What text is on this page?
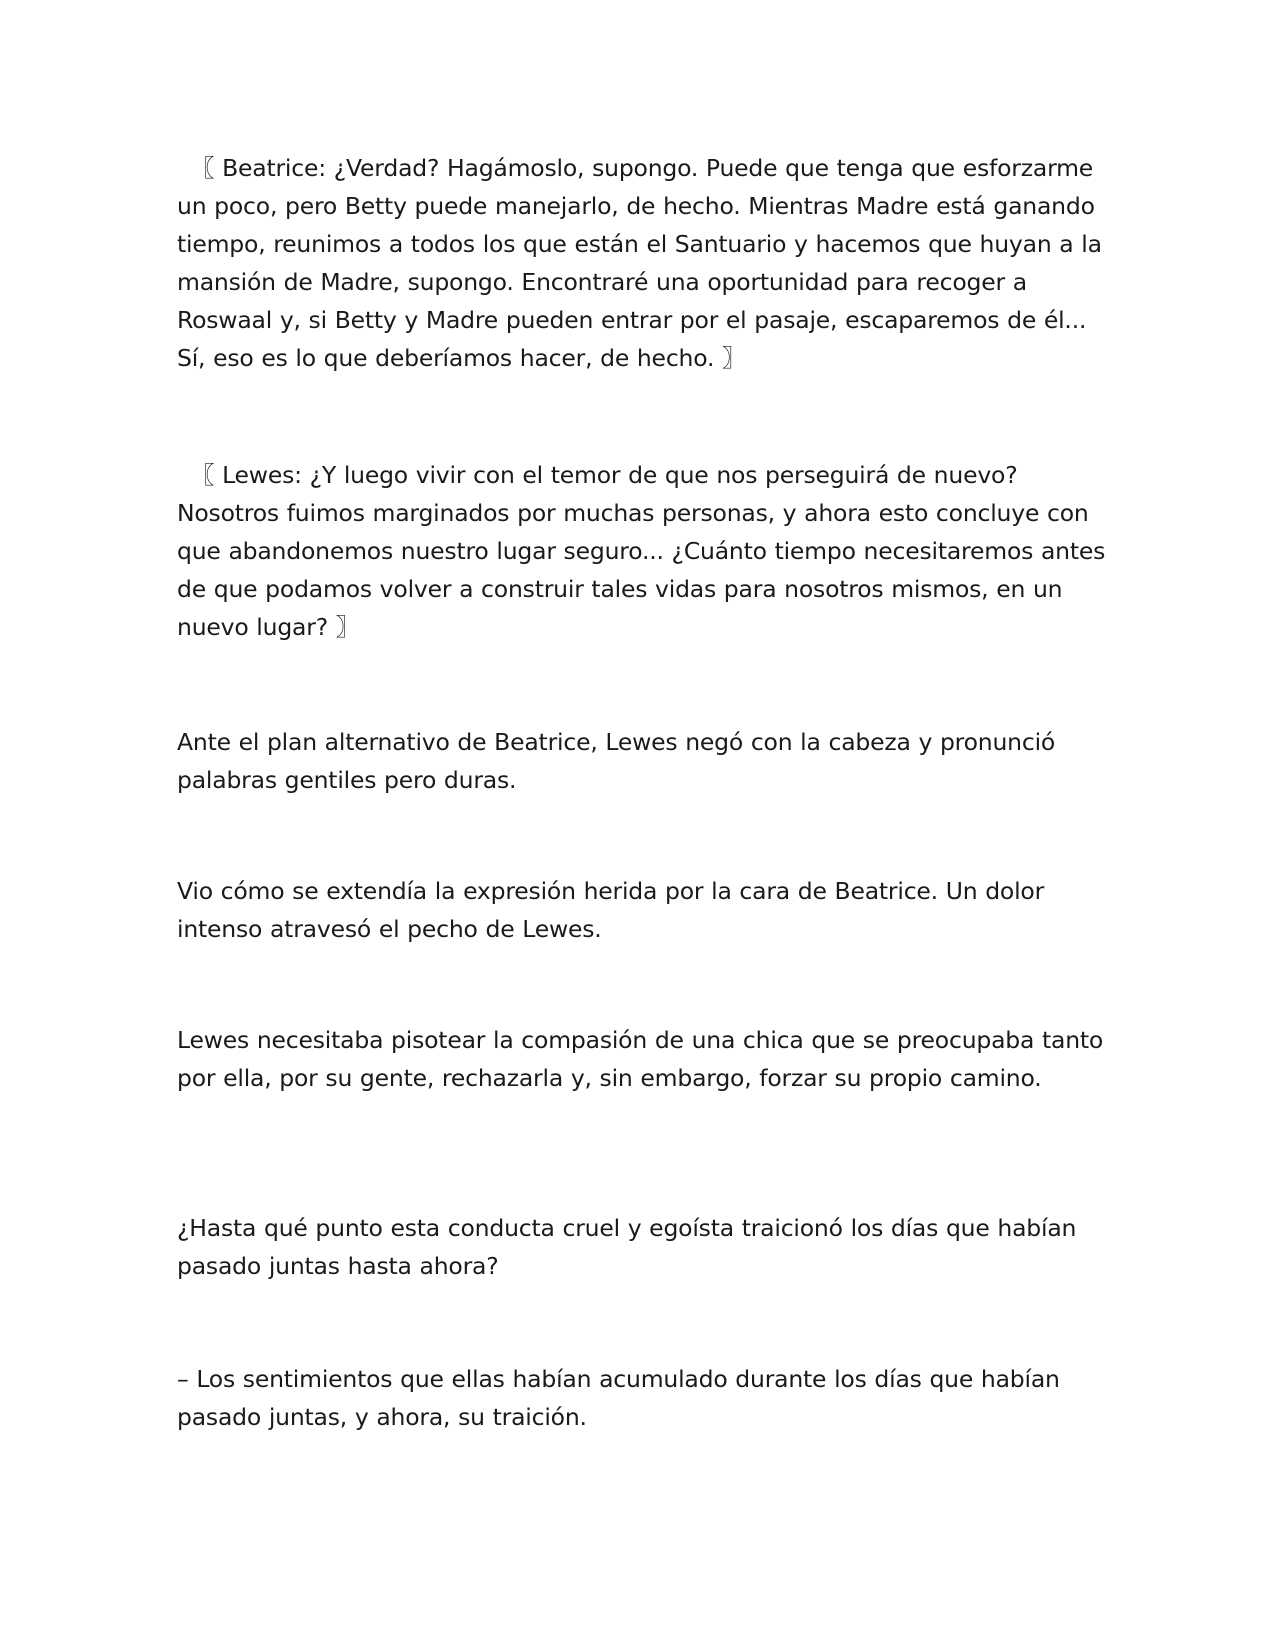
〖 Beatrice: ¿Verdad? Hagámoslo, supongo. Puede que tenga que esforzarme un poco, pero Betty puede manejarlo, de hecho. Mientras Madre está ganando tiempo, reunimos a todos los que están el Santuario y hacemos que huyan a la mansión de Madre, supongo. Encontraré una oportunidad para recoger a Roswaal y, si Betty y Madre pueden entrar por el pasaje, escaparemos de él... Sí, eso es lo que deberíamos hacer, de hecho. 〗

〖 Lewes: ¿Y luego vivir con el temor de que nos perseguirá de nuevo? Nosotros fuimos marginados por muchas personas, y ahora esto concluye con que abandonemos nuestro lugar seguro... ¿Cuánto tiempo necesitaremos antes de que podamos volver a construir tales vidas para nosotros mismos, en un nuevo lugar? 〗

Ante el plan alternativo de Beatrice, Lewes negó con la cabeza y pronunció palabras gentiles pero duras.

Vio cómo se extendía la expresión herida por la cara de Beatrice. Un dolor intenso atravesó el pecho de Lewes.

Lewes necesitaba pisotear la compasión de una chica que se preocupaba tanto por ella, por su gente, rechazarla y, sin embargo, forzar su propio camino.

¿Hasta qué punto esta conducta cruel y egoísta traicionó los días que habían pasado juntas hasta ahora?

– Los sentimientos que ellas habían acumulado durante los días que habían pasado juntas, y ahora, su traición.
